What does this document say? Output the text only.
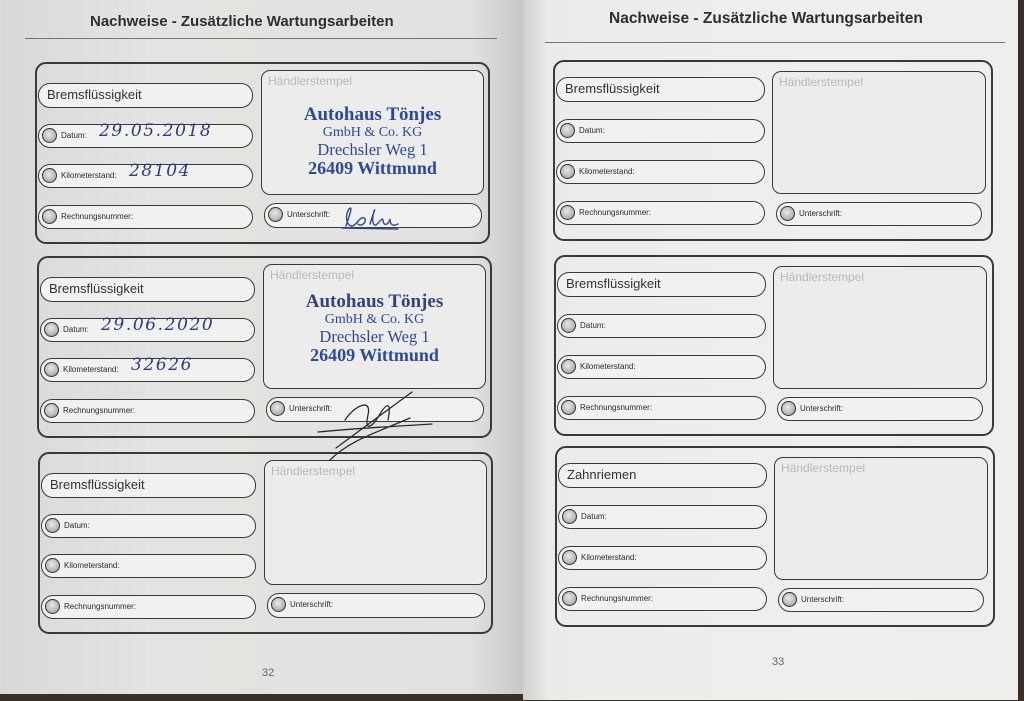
Nachweise - Zusätzliche Wartungsarbeiten
Bremsflüssigkeit
Datum: 29.05.2018
Kilometerstand: 28104
Rechnungsnummer:
Händlerstempel
Autohaus Tönjes
GmbH & Co. KG
Drechsler Weg 1
26409 Wittmund
Unterschrift:
Bremsflüssigkeit
Datum: 29.06.2020
Kilometerstand: 32626
Rechnungsnummer:
Händlerstempel
Autohaus Tönjes
GmbH & Co. KG
Drechsler Weg 1
26409 Wittmund
Unterschrift:
Bremsflüssigkeit
Datum:
Kilometerstand:
Rechnungsnummer:
Händlerstempel
Unterschrift:
32
Nachweise - Zusätzliche Wartungsarbeiten
Bremsflüssigkeit
Datum:
Kilometerstand:
Rechnungsnummer:
Händlerstempel
Unterschrift:
Bremsflüssigkeit
Datum:
Kilometerstand:
Rechnungsnummer:
Händlerstempel
Unterschrift:
Zahnriemen
Datum:
Kilometerstand:
Rechnungsnummer:
Händlerstempel
Unterschrift:
33
